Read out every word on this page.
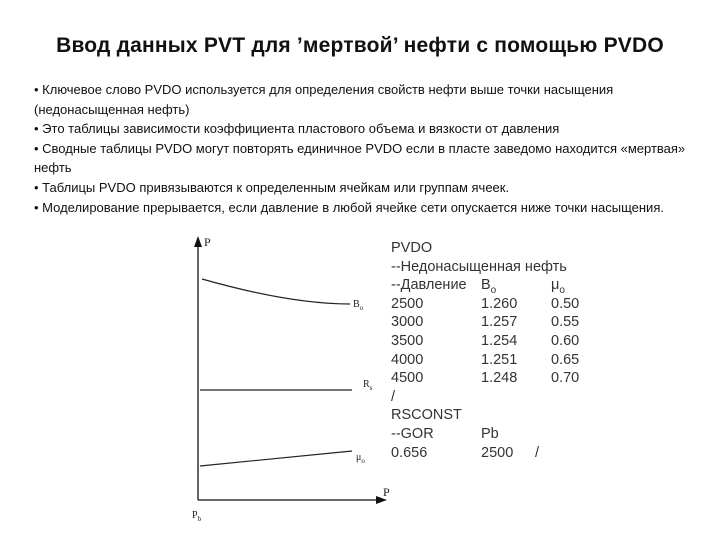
Ввод данных PVT для ’мертвой’ нефти с помощью PVDO

• Ключевое слово PVDO используется для определения свойств нефти выше точки насыщения (недонасыщенная нефть)

• Это таблицы зависимости коэффициента пластового объема и вязкости от давления

• Сводные таблицы PVDO могут повторять единичное PVDO если в пласте заведомо находится «мертвая» нефть

• Таблицы PVDO привязываются к определенным ячейкам или группам ячеек.

• Моделирование прерывается, если давление в любой ячейке сети опускается ниже точки насыщения.

P
P
$P_b$
$B_o$
$R_s$
$\mu_o$
PVDO
--Недонасыщенная нефть
--Давление $B_o$	$\mu_o$
2500	1.260 0.50
3000	1.257 0.55
3500	1.254 0.60
4000	1.251 0.65
4500	1.248 0.70
/
RSCONST
--GOR	Pb
0.656	2500 /
